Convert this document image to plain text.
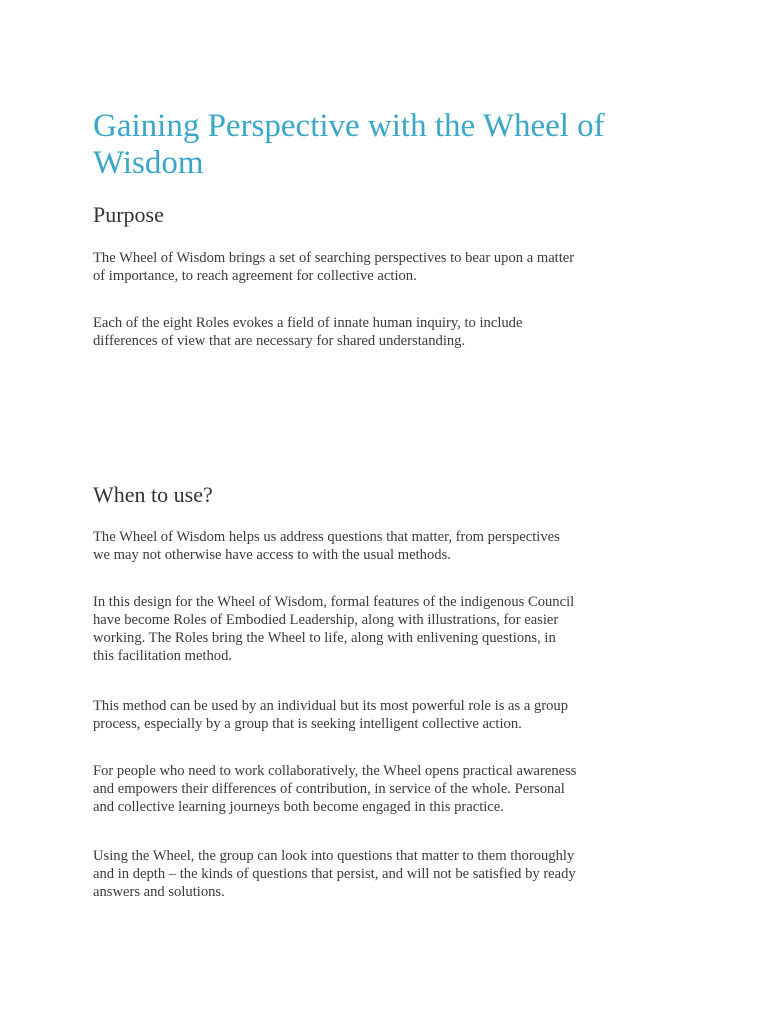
Gaining Perspective with the Wheel of Wisdom
Purpose

The Wheel of Wisdom brings a set of searching perspectives to bear upon a matter
of importance, to reach agreement for collective action.

Each of the eight Roles evokes a field of innate human inquiry, to include
differences of view that are necessary for shared understanding.

When to use?

The Wheel of Wisdom helps us address questions that matter, from perspectives
we may not otherwise have access to with the usual methods.

In this design for the Wheel of Wisdom, formal features of the indigenous Council
have become Roles of Embodied Leadership, along with illustrations, for easier
working. The Roles bring the Wheel to life, along with enlivening questions, in
this facilitation method.

This method can be used by an individual but its most powerful role is as a group
process, especially by a group that is seeking intelligent collective action.

For people who need to work collaboratively, the Wheel opens practical awareness
and empowers their differences of contribution, in service of the whole. Personal
and collective learning journeys both become engaged in this practice.

Using the Wheel, the group can look into questions that matter to them thoroughly
and in depth – the kinds of questions that persist, and will not be satisfied by ready
answers and solutions.
